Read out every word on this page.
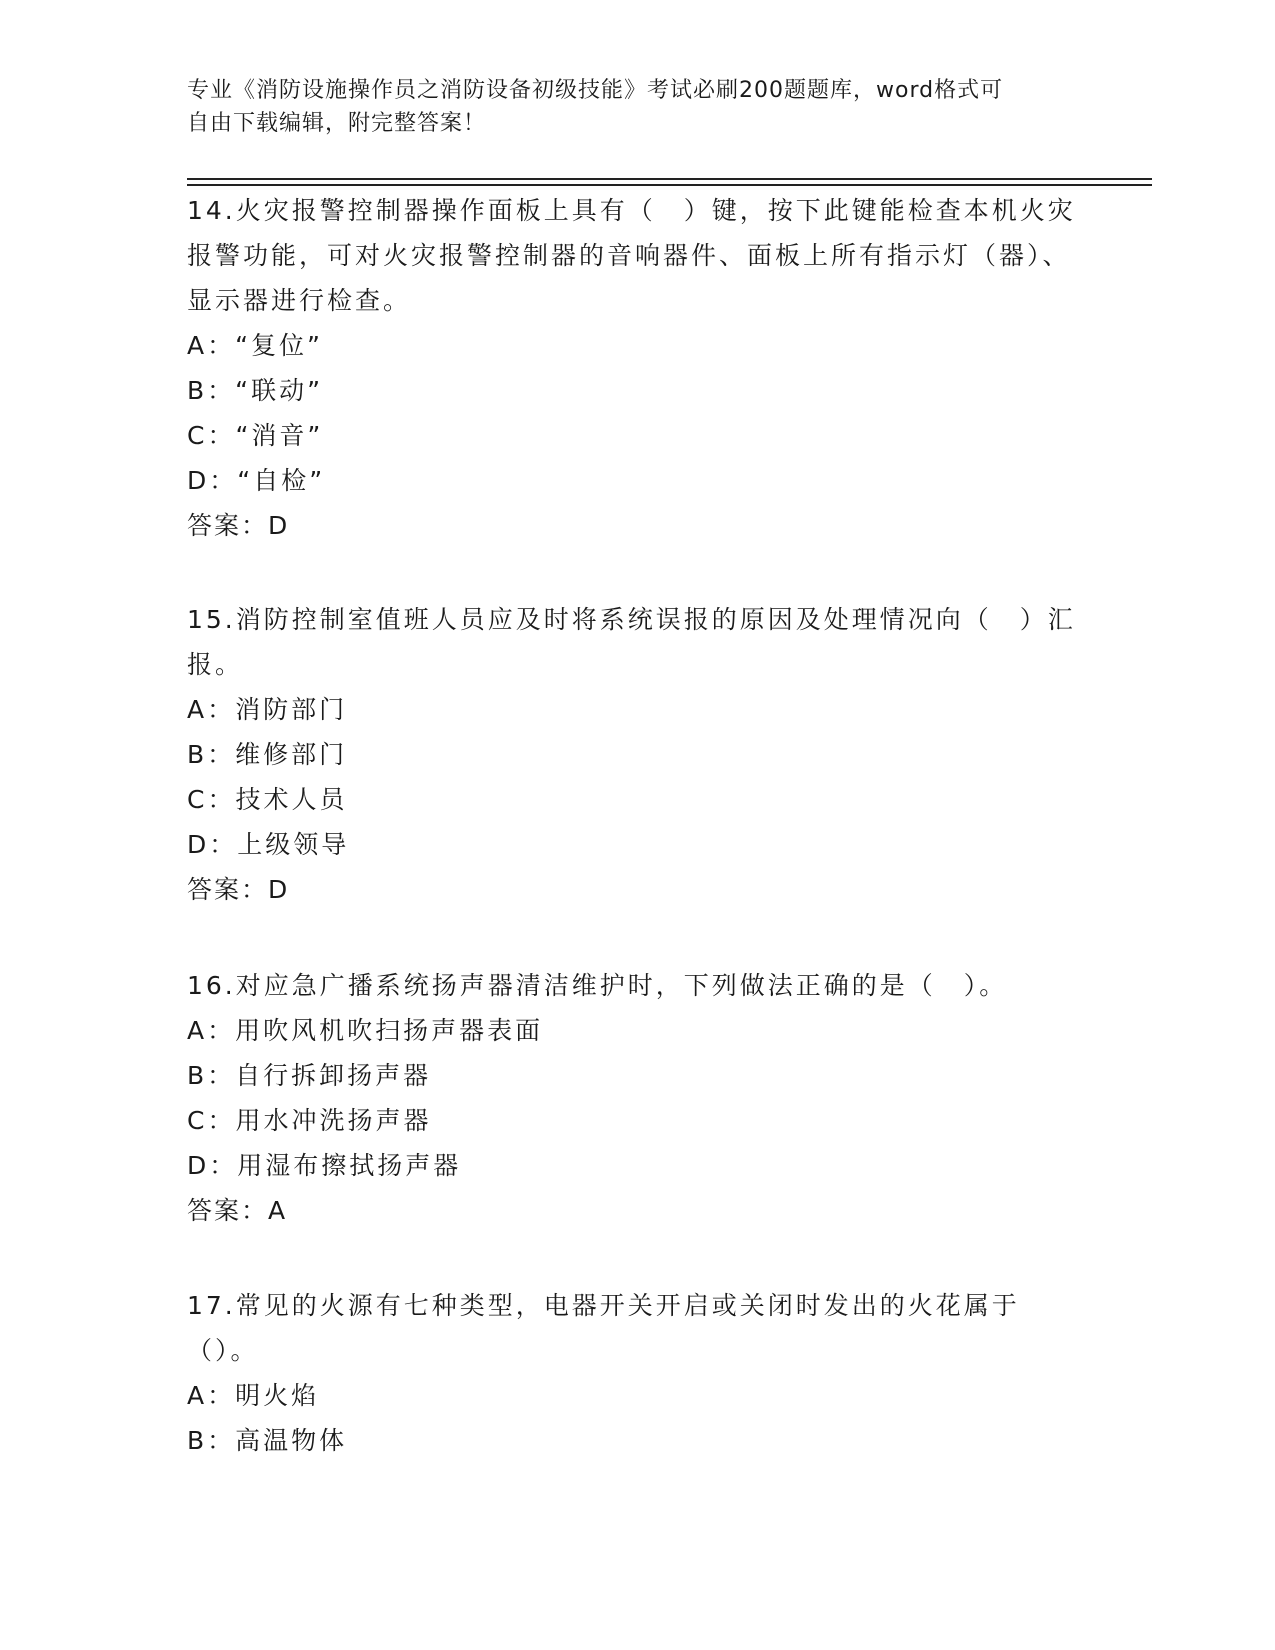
专业《消防设施操作员之消防设备初级技能》考试必刷200题题库，word格式可
自由下载编辑，附完整答案！
14.火灾报警控制器操作面板上具有（　）键，按下此键能检查本机火灾报警功能，可对火灾报警控制器的音响器件、面板上所有指示灯（器）、显示器进行检查。
A：“复位”
B：“联动”
C：“消音”
D：“自检”
答案：D
15.消防控制室值班人员应及时将系统误报的原因及处理情况向（　）汇报。
A：消防部门
B：维修部门
C：技术人员
D：上级领导
答案：D
16.对应急广播系统扬声器清洁维护时，下列做法正确的是（　）。
A：用吹风机吹扫扬声器表面
B：自行拆卸扬声器
C：用水冲洗扬声器
D：用湿布擦拭扬声器
答案：A
17.常见的火源有七种类型，电器开关开启或关闭时发出的火花属于（）。
A：明火焰
B：高温物体
